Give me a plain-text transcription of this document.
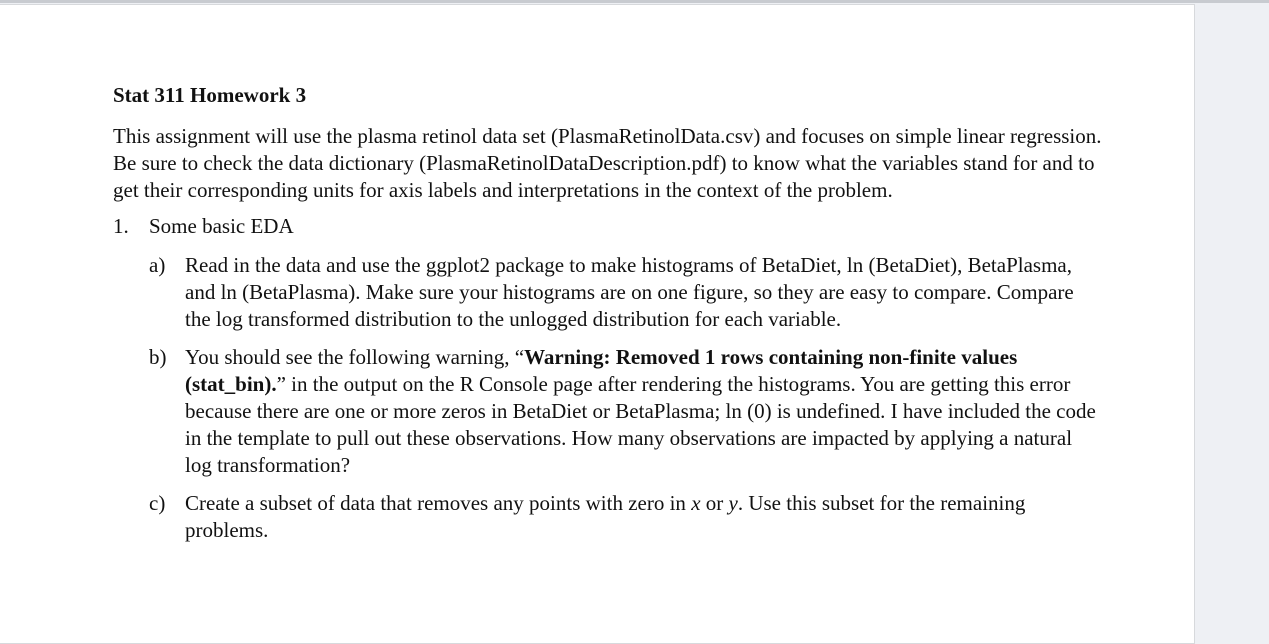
Stat 311 Homework 3

This assignment will use the plasma retinol data set (PlasmaRetinolData.csv) and focuses on simple linear regression. Be sure to check the data dictionary (PlasmaRetinolDataDescription.pdf) to know what the variables stand for and to get their corresponding units for axis labels and interpretations in the context of the problem.

1. Some basic EDA
a) Read in the data and use the ggplot2 package to make histograms of BetaDiet, ln (BetaDiet), BetaPlasma, and ln (BetaPlasma). Make sure your histograms are on one figure, so they are easy to compare. Compare the log transformed distribution to the unlogged distribution for each variable.
b) You should see the following warning, “Warning: Removed 1 rows containing non-finite values (stat_bin).” in the output on the R Console page after rendering the histograms. You are getting this error because there are one or more zeros in BetaDiet or BetaPlasma; ln (0) is undefined. I have included the code in the template to pull out these observations. How many observations are impacted by applying a natural log transformation?
c) Create a subset of data that removes any points with zero in x or y. Use this subset for the remaining problems.
